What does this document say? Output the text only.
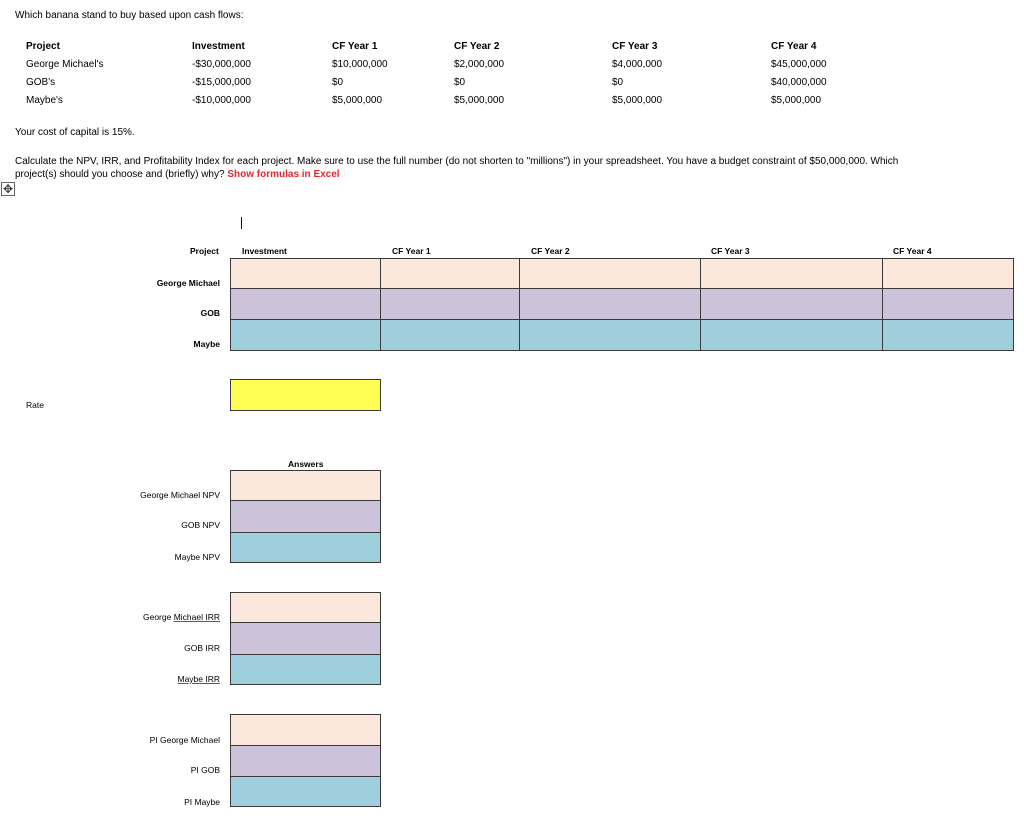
Which banana stand to buy based upon cash flows:
Project	Investment	CF Year 1	CF Year 2	CF Year 3	CF Year 4
George Michael's	-$30,000,000	$10,000,000	$2,000,000	$4,000,000	$45,000,000
GOB's	-$15,000,000	$0	$0	$0	$40,000,000
Maybe's	-$10,000,000	$5,000,000	$5,000,000	$5,000,000	$5,000,000
Your cost of capital is 15%.
Calculate the NPV, IRR, and Profitability Index for each project. Make sure to use the full number (do not shorten to "millions") in your spreadsheet. You have a budget constraint of $50,000,000. Which
project(s) should you choose and (briefly) why? Show formulas in Excel
✥
Project	Investment	CF Year 1	CF Year 2	CF Year 3	CF Year 4
George Michael
GOB
Maybe
Rate
Answers
George Michael NPV
GOB NPV
Maybe NPV
George Michael IRR
GOB IRR
Maybe IRR
PI George Michael
PI GOB
PI Maybe
